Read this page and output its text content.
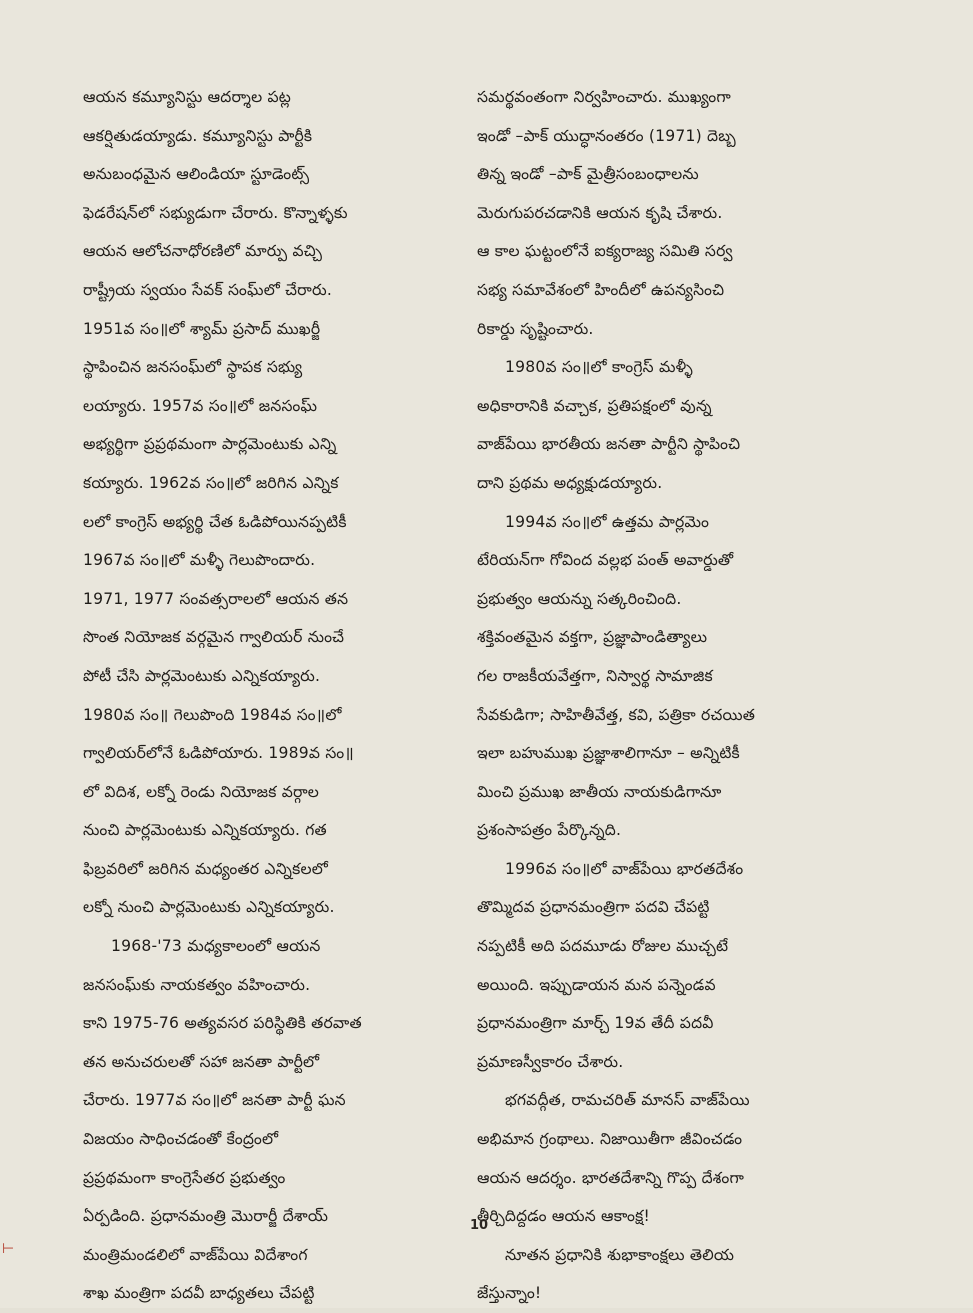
ఆయన కమ్యూనిస్టు ఆదర్శాల పట్ల
ఆకర్షితుడయ్యాడు. కమ్యూనిస్టు పార్టీకి
అనుబంధమైన ఆలిండియా స్టూడెంట్స్
ఫెడరేషన్‌లో సభ్యుడుగా చేరారు. కొన్నాళ్ళకు
ఆయన ఆలోచనాధోరణిలో మార్పు వచ్చి
రాష్ట్రీయ స్వయం సేవక్ సంఘ్‌లో చేరారు.
1951వ సం॥లో శ్యామ్ ప్రసాద్ ముఖర్జీ
స్థాపించిన జనసంఘ్‌లో స్థాపక సభ్యు
లయ్యారు. 1957వ సం॥లో జనసంఘ్
అభ్యర్థిగా ప్రప్రథమంగా పార్లమెంటుకు ఎన్ని
కయ్యారు. 1962వ సం॥లో జరిగిన ఎన్నిక
లలో కాంగ్రెస్ అభ్యర్థి చేత ఓడిపోయినప్పటికీ
1967వ సం॥లో మళ్ళీ గెలుపొందారు.
1971, 1977 సంవత్సరాలలో ఆయన తన
సొంత నియోజక వర్గమైన గ్వాలియర్ నుంచే
పోటీ చేసి పార్లమెంటుకు ఎన్నికయ్యారు.
1980వ సం॥ గెలుపొంది 1984వ సం॥లో
గ్వాలియర్‌లోనే ఓడిపోయారు. 1989వ సం॥
లో విదిశ, లక్నో రెండు నియోజక వర్గాల
నుంచి పార్లమెంటుకు ఎన్నికయ్యారు. గత
ఫిబ్రవరిలో జరిగిన మధ్యంతర ఎన్నికలలో
లక్నో నుంచి పార్లమెంటుకు ఎన్నికయ్యారు.
1968-'73 మధ్యకాలంలో ఆయన
జనసంఘ్‌కు నాయకత్వం వహించారు.
కాని 1975-76 అత్యవసర పరిస్థితికి తరవాత
తన అనుచరులతో సహా జనతా పార్టీలో
చేరారు. 1977వ సం॥లో జనతా పార్టీ ఘన
విజయం సాధించడంతో కేంద్రంలో
ప్రప్రథమంగా కాంగ్రెసేతర ప్రభుత్వం
ఏర్పడింది. ప్రధానమంత్రి మొరార్జీ దేశాయ్
మంత్రిమండలిలో వాజ్‌పేయి విదేశాంగ
శాఖ మంత్రిగా పదవీ బాధ్యతలు చేపట్టి
సమర్థవంతంగా నిర్వహించారు. ముఖ్యంగా
ఇండో –పాక్ యుద్ధానంతరం (1971) దెబ్బ
తిన్న ఇండో –పాక్ మైత్రీసంబంధాలను
మెరుగుపరచడానికి ఆయన కృషి చేశారు.
ఆ కాల ఘట్టంలోనే ఐక్యరాజ్య సమితి సర్వ
సభ్య సమావేశంలో హిందీలో ఉపన్యసించి
రికార్డు సృష్టించారు.
1980వ సం॥లో కాంగ్రెస్ మళ్ళీ
అధికారానికి వచ్చాక, ప్రతిపక్షంలో వున్న
వాజ్‌పేయి భారతీయ జనతా పార్టీని స్థాపించి
దాని ప్రథమ అధ్యక్షుడయ్యారు.
1994వ సం॥లో ఉత్తమ పార్లమెం
టేరియన్‌గా గోవింద వల్లభ పంత్ అవార్డుతో
ప్రభుత్వం ఆయన్ను సత్కరించింది.
శక్తివంతమైన వక్తగా, ప్రజ్ఞాపాండిత్యాలు
గల రాజకీయవేత్తగా, నిస్వార్థ సామాజిక
సేవకుడిగా; సాహితీవేత్త, కవి, పత్రికా రచయిత
ఇలా బహుముఖ ప్రజ్ఞాశాలిగానూ – అన్నిటికీ
మించి ప్రముఖ జాతీయ నాయకుడిగానూ
ప్రశంసాపత్రం పేర్కొన్నది.
1996వ సం॥లో వాజ్‌పేయి భారతదేశం
తొమ్మిదవ ప్రధానమంత్రిగా పదవి చేపట్టి
నప్పటికీ అది పదమూడు రోజుల ముచ్చటే
అయింది. ఇప్పుడాయన మన పన్నెండవ
ప్రధానమంత్రిగా మార్చ్ 19వ తేదీ పదవీ
ప్రమాణస్వీకారం చేశారు.
భగవద్గీత, రామచరిత్ మానస్ వాజ్‌పేయి
అభిమాన గ్రంథాలు. నిజాయితీగా జీవించడం
ఆయన ఆదర్శం. భారతదేశాన్ని గొప్ప దేశంగా
తీర్చిదిద్దడం ఆయన ఆకాంక్ష!
నూతన ప్రధానికి శుభాకాంక్షలు తెలియ
జేస్తున్నాం!
10
⊢
